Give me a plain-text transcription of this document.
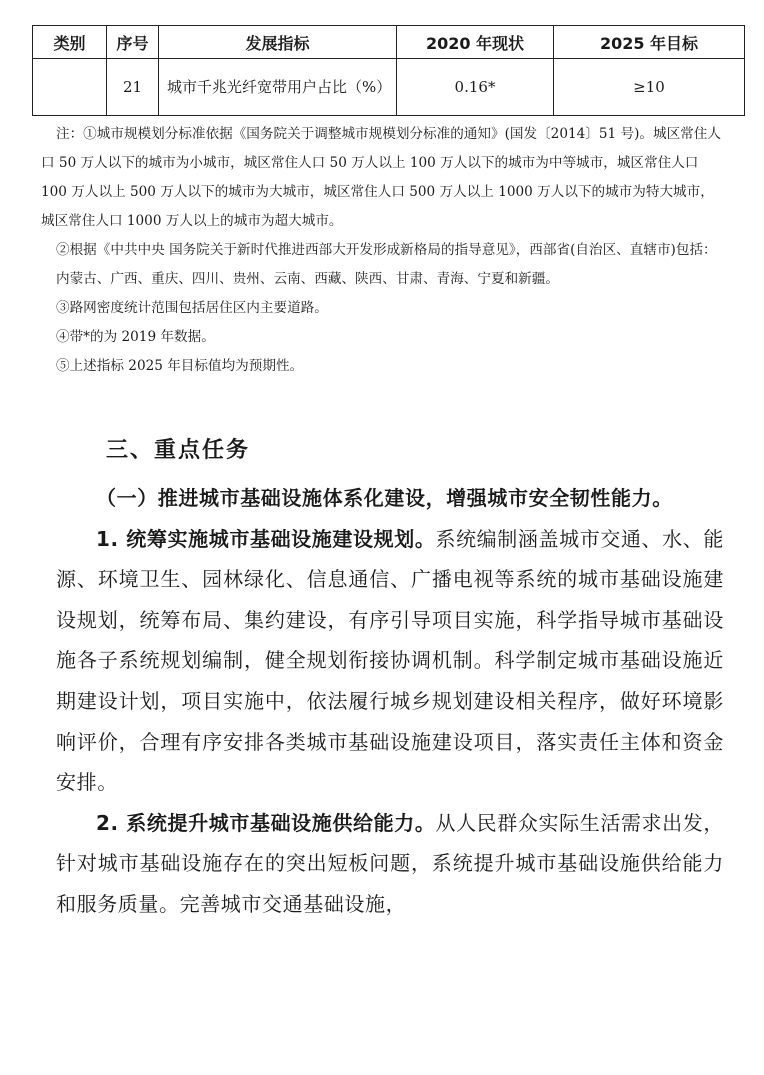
类别	序号	发展指标	2020 年现状	2025 年目标
	21	城市千兆光纤宽带用户占比（%）	0.16*	≥10

注：①城市规模划分标准依据《国务院关于调整城市规模划分标准的通知》(国发〔2014〕51 号)。城区常住人口 50 万人以下的城市为小城市，城区常住人口 50 万人以上 100 万人以下的城市为中等城市，城区常住人口 100 万人以上 500 万人以下的城市为大城市，城区常住人口 500 万人以上 1000 万人以下的城市为特大城市，城区常住人口 1000 万人以上的城市为超大城市。

②根据《中共中央 国务院关于新时代推进西部大开发形成新格局的指导意见》，西部省(自治区、直辖市)包括：内蒙古、广西、重庆、四川、贵州、云南、西藏、陕西、甘肃、青海、宁夏和新疆。

③路网密度统计范围包括居住区内主要道路。

④带*的为 2019 年数据。

⑤上述指标 2025 年目标值均为预期性。

三、重点任务

（一）推进城市基础设施体系化建设，增强城市安全韧性能力。

1. 统筹实施城市基础设施建设规划。系统编制涵盖城市交通、水、能源、环境卫生、园林绿化、信息通信、广播电视等系统的城市基础设施建设规划，统筹布局、集约建设，有序引导项目实施，科学指导城市基础设施各子系统规划编制，健全规划衔接协调机制。科学制定城市基础设施近期建设计划，项目实施中，依法履行城乡规划建设相关程序，做好环境影响评价，合理有序安排各类城市基础设施建设项目，落实责任主体和资金安排。

2. 系统提升城市基础设施供给能力。从人民群众实际生活需求出发，针对城市基础设施存在的突出短板问题，系统提升城市基础设施供给能力和服务质量。完善城市交通基础设施，
